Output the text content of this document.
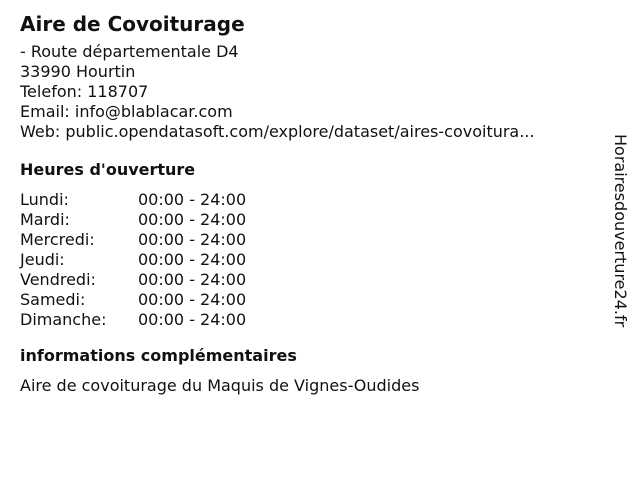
Aire de Covoiturage
- Route départementale D4
33990 Hourtin
Telefon: 118707
Email: info@blablacar.com
Web: public.opendatasoft.com/explore/dataset/aires-covoitura...
Heures d'ouverture
Lundi:	00:00 - 24:00
Mardi:	00:00 - 24:00
Mercredi:	00:00 - 24:00
Jeudi:	00:00 - 24:00
Vendredi:	00:00 - 24:00
Samedi:	00:00 - 24:00
Dimanche:	00:00 - 24:00
informations complémentaires
Aire de covoiturage du Maquis de Vignes-Oudides
Horairesdouverture24.fr
